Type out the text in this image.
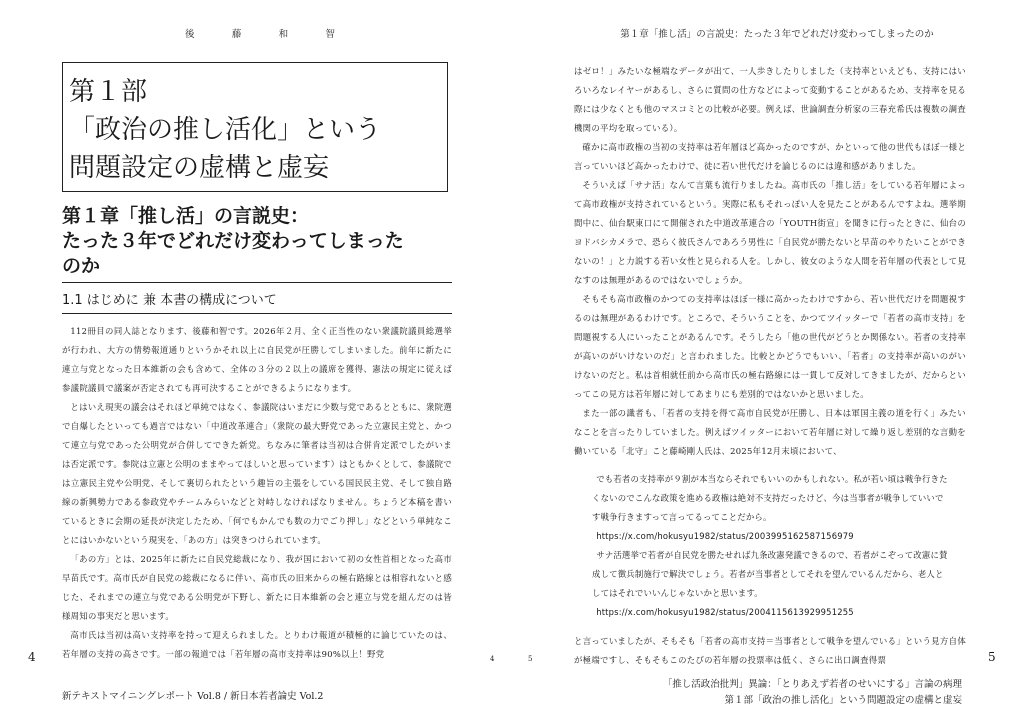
後	藤	和	智
第１部
「政治の推し活化」という
問題設定の虚構と虚妄
第１章「推し活」の言説史：
たった３年でどれだけ変わってしまった
のか
1.1 はじめに 兼 本書の構成について

112冊目の同人誌となります、後藤和智です。2026年２月、全く正当性のない衆議院議員総選挙が行われ、大方の情勢報道通りというかそれ以上に自民党が圧勝してしまいました。前年に新たに連立与党となった日本維新の会も含めて、全体の３分の２以上の議席を獲得、憲法の規定に従えば参議院議員で議案が否定されても再可決することができるようになります。

とはいえ現実の議会はそれほど単純ではなく、参議院はいまだに少数与党であるとともに、衆院選で自爆したといっても過言ではない「中道改革連合」（衆院の最大野党であった立憲民主党と、かつて連立与党であった公明党が合併してできた新党。ちなみに筆者は当初は合併肯定派でしたがいまは否定派です。参院は立憲と公明のままやってほしいと思っています）はともかくとして、参議院では立憲民主党や公明党、そして裏切られたという趣旨の主張をしている国民民主党、そして独自路線の新興勢力である参政党やチームみらいなどと対峙しなければなりません。ちょうど本稿を書いているときに会期の延長が決定したため、「何でもかんでも数の力でごり押し」などという単純なことにはいかないという現実を、「あの方」は突きつけられています。

「あの方」とは、2025年に新たに自民党総裁になり、我が国において初の女性首相となった高市早苗氏です。高市氏が自民党の総裁になるに伴い、高市氏の旧来からの極右路線とは相容れないと感じた、それまでの連立与党である公明党が下野し、新たに日本維新の会と連立与党を組んだのは皆様周知の事実だと思います。

高市氏は当初は高い支持率を持って迎えられました。とりわけ報道が積極的に論じていたのは、若年層の支持の高さです。一部の報道では「若年層の高市支持率は90%以上！野党

4	4
新テキストマイニングレポート Vol.8 / 新日本若者論史 Vol.2
第１章「推し活」の言説史：たった３年でどれだけ変わってしまったのか

はゼロ！」みたいな極端なデータが出て、一人歩きしたりしました（支持率といえども、支持にはいろいろなレイヤーがあるし、さらに質問の仕方などによって変動することがあるため、支持率を見る際には少なくとも他のマスコミとの比較が必要。例えば、世論調査分析家の三春充希氏は複数の調査機関の平均を取っている）。

確かに高市政権の当初の支持率は若年層ほど高かったのですが、かといって他の世代もほぼ一様と言っていいほど高かったわけで、徒に若い世代だけを論じるのには違和感がありました。

そういえば「サナ活」なんて言葉も流行りましたね。高市氏の「推し活」をしている若年層によって高市政権が支持されているという。実際に私もそれっぽい人を見たことがあるんですよね。選挙期間中に、仙台駅東口にて開催された中道改革連合の「YOUTH街宣」を聞きに行ったときに、仙台のヨドバシカメラで、恐らく彼氏さんであろう男性に「自民党が勝たないと早苗のやりたいことができないの！」と力説する若い女性と見られる人を。しかし、彼女のような人間を若年層の代表として見なすのは無理があるのではないでしょうか。

そもそも高市政権のかつての支持率はほぼ一様に高かったわけですから、若い世代だけを問題視するのは無理があるわけです。ところで、そういうことを、かつてツイッターで「若者の高市支持」を問題視する人にいったことがあるんです。そうしたら「他の世代がどうとか関係ない。若者の支持率が高いのがいけないのだ」と言われました。比較とかどうでもいい、「若者」の支持率が高いのがいけないのだと。私は首相就任前から高市氏の極右路線には一貫して反対してきましたが、だからといってこの見方は若年層に対してあまりにも差別的ではないかと思いました。

また一部の識者も、「若者の支持を得て高市自民党が圧勝し、日本は軍国主義の道を行く」みたいなことを言ったりしていました。例えばツイッターにおいて若年層に対して繰り返し差別的な言動を働いている「北守」こと藤崎剛人氏は、2025年12月末頃において、

でも若者の支持率が９割が本当ならそれでもいいのかもしれない。私が若い頃は戦争行きたくないのでこんな政策を進める政権は絶対不支持だったけど、今は当事者が戦争していいです戦争行きますって言ってるってことだから。

https://x.com/hokusyu1982/status/2003995162587156979

サナ活選挙で若者が自民党を勝たせれば九条改憲発議できるので、若者がこぞって改憲に賛成して徴兵制施行で解決でしょう。若者が当事者としてそれを望んでいるんだから、老人としてはそれでいいんじゃないかと思います。

https://x.com/hokusyu1982/status/2004115613929951255

と言っていましたが、そもそも「若者の高市支持＝当事者として戦争を望んでいる」という見方自体が極端ですし、そもそもこのたびの若年層の投票率は低く、さらに出口調査得票

5	5
「推し活政治批判」異論：「とりあえず若者のせいにする」言論の病理
第１部「政治の推し活化」という問題設定の虚構と虚妄
